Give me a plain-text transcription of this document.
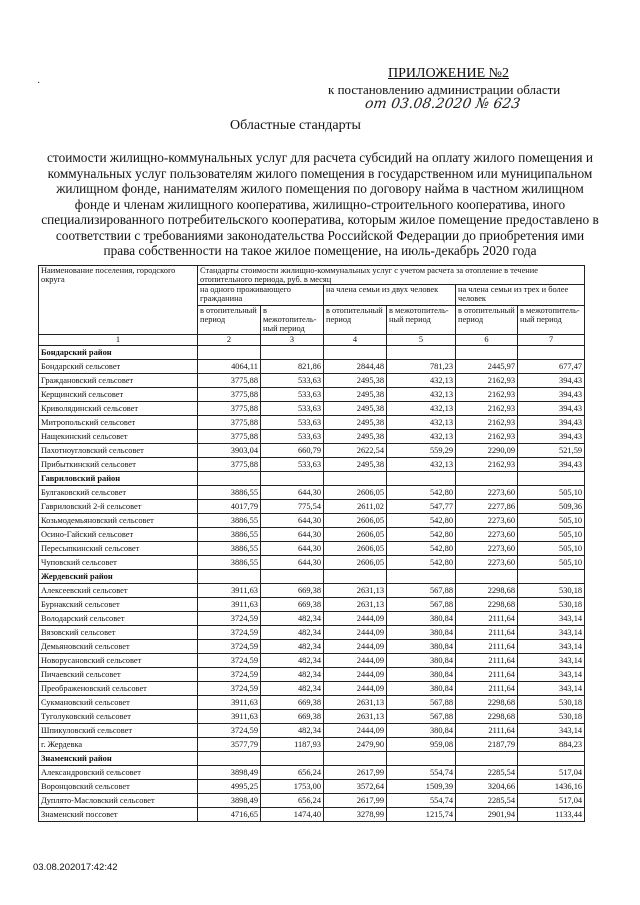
·
ПРИЛОЖЕНИЕ №2
к постановлению администрации области
от 03.08.2020 № 623
Областные стандарты
стоимости жилищно-коммунальных услуг для расчета субсидий на оплату жилого помещения и коммунальных услуг пользователям жилого помещения в государственном или муниципальном жилищном фонде, нанимателям жилого помещения по договору найма в частном жилищном фонде и членам жилищного кооператива, жилищно-строительного кооператива, иного специализированного потребительского кооператива, которым жилое помещение предоставлено в соответствии с требованиями законодательства Российской Федерации до приобретения ими права собственности на такое жилое помещение, на июль-декабрь 2020 года
Наименование поселения, городского округа	Стандарты стоимости жилищно-коммунальных услуг с учетом расчета за отопление в течение отопительного периода, руб. в месяц					
	на одного проживающего гражданина		на члена семьи из двух человек		на члена семьи из трех и более человек	
	в отопительный период	в межотопитель-ный период	в отопительный период	в межотопитель-ный период	в отопительный период	в межотопитель-ный период
1	2	3	4	5	6	7
Бондарский район						
Бондарский сельсовет	4064,11	821,86	2844,48	781,23	2445,97	677,47
Граждановский сельсовет	3775,88	533,63	2495,38	432,13	2162,93	394,43
Керщинский сельсовет	3775,88	533,63	2495,38	432,13	2162,93	394,43
Криволядинский сельсовет	3775,88	533,63	2495,38	432,13	2162,93	394,43
Митропольский сельсовет	3775,88	533,63	2495,38	432,13	2162,93	394,43
Нащекинский сельсовет	3775,88	533,63	2495,38	432,13	2162,93	394,43
Пахотноугловский сельсовет	3903,04	660,79	2622,54	559,29	2290,09	521,59
Прибыткинский сельсовет	3775,88	533,63	2495,38	432,13	2162,93	394,43
Гавриловский район						
Булгаковский сельсовет	3886,55	644,30	2606,05	542,80	2273,60	505,10
Гавриловский 2-й сельсовет	4017,79	775,54	2611,02	547,77	2277,86	509,36
Козьмодемьяновский сельсовет	3886,55	644,30	2606,05	542,80	2273,60	505,10
Осино-Гайский сельсовет	3886,55	644,30	2606,05	542,80	2273,60	505,10
Пересыпкинский сельсовет	3886,55	644,30	2606,05	542,80	2273,60	505,10
Чуповский сельсовет	3886,55	644,30	2606,05	542,80	2273,60	505,10
Жердевский район						
Алексеевский сельсовет	3911,63	669,38	2631,13	567,88	2298,68	530,18
Бурнакский сельсовет	3911,63	669,38	2631,13	567,88	2298,68	530,18
Володарский сельсовет	3724,59	482,34	2444,09	380,84	2111,64	343,14
Вязовский сельсовет	3724,59	482,34	2444,09	380,84	2111,64	343,14
Демьяновский сельсовет	3724,59	482,34	2444,09	380,84	2111,64	343,14
Новорусановский сельсовет	3724,59	482,34	2444,09	380,84	2111,64	343,14
Пичаевский сельсовет	3724,59	482,34	2444,09	380,84	2111,64	343,14
Преображеновский сельсовет	3724,59	482,34	2444,09	380,84	2111,64	343,14
Сукмановский сельсовет	3911,63	669,38	2631,13	567,88	2298,68	530,18
Туголуковский сельсовет	3911,63	669,38	2631,13	567,88	2298,68	530,18
Шпикуловский сельсовет	3724,59	482,34	2444,09	380,84	2111,64	343,14
г. Жердевка	3577,79	1187,93	2479,90	959,08	2187,79	884,23
Знаменский район						
Александровский сельсовет	3898,49	656,24	2617,99	554,74	2285,54	517,04
Воронцовский сельсовет	4995,25	1753,00	3572,64	1509,39	3204,66	1436,16
Дуплято-Масловский сельсовет	3898,49	656,24	2617,99	554,74	2285,54	517,04
Знаменский поссовет	4716,65	1474,40	3278,99	1215,74	2901,94	1133,44
03.08.202017:42:42
